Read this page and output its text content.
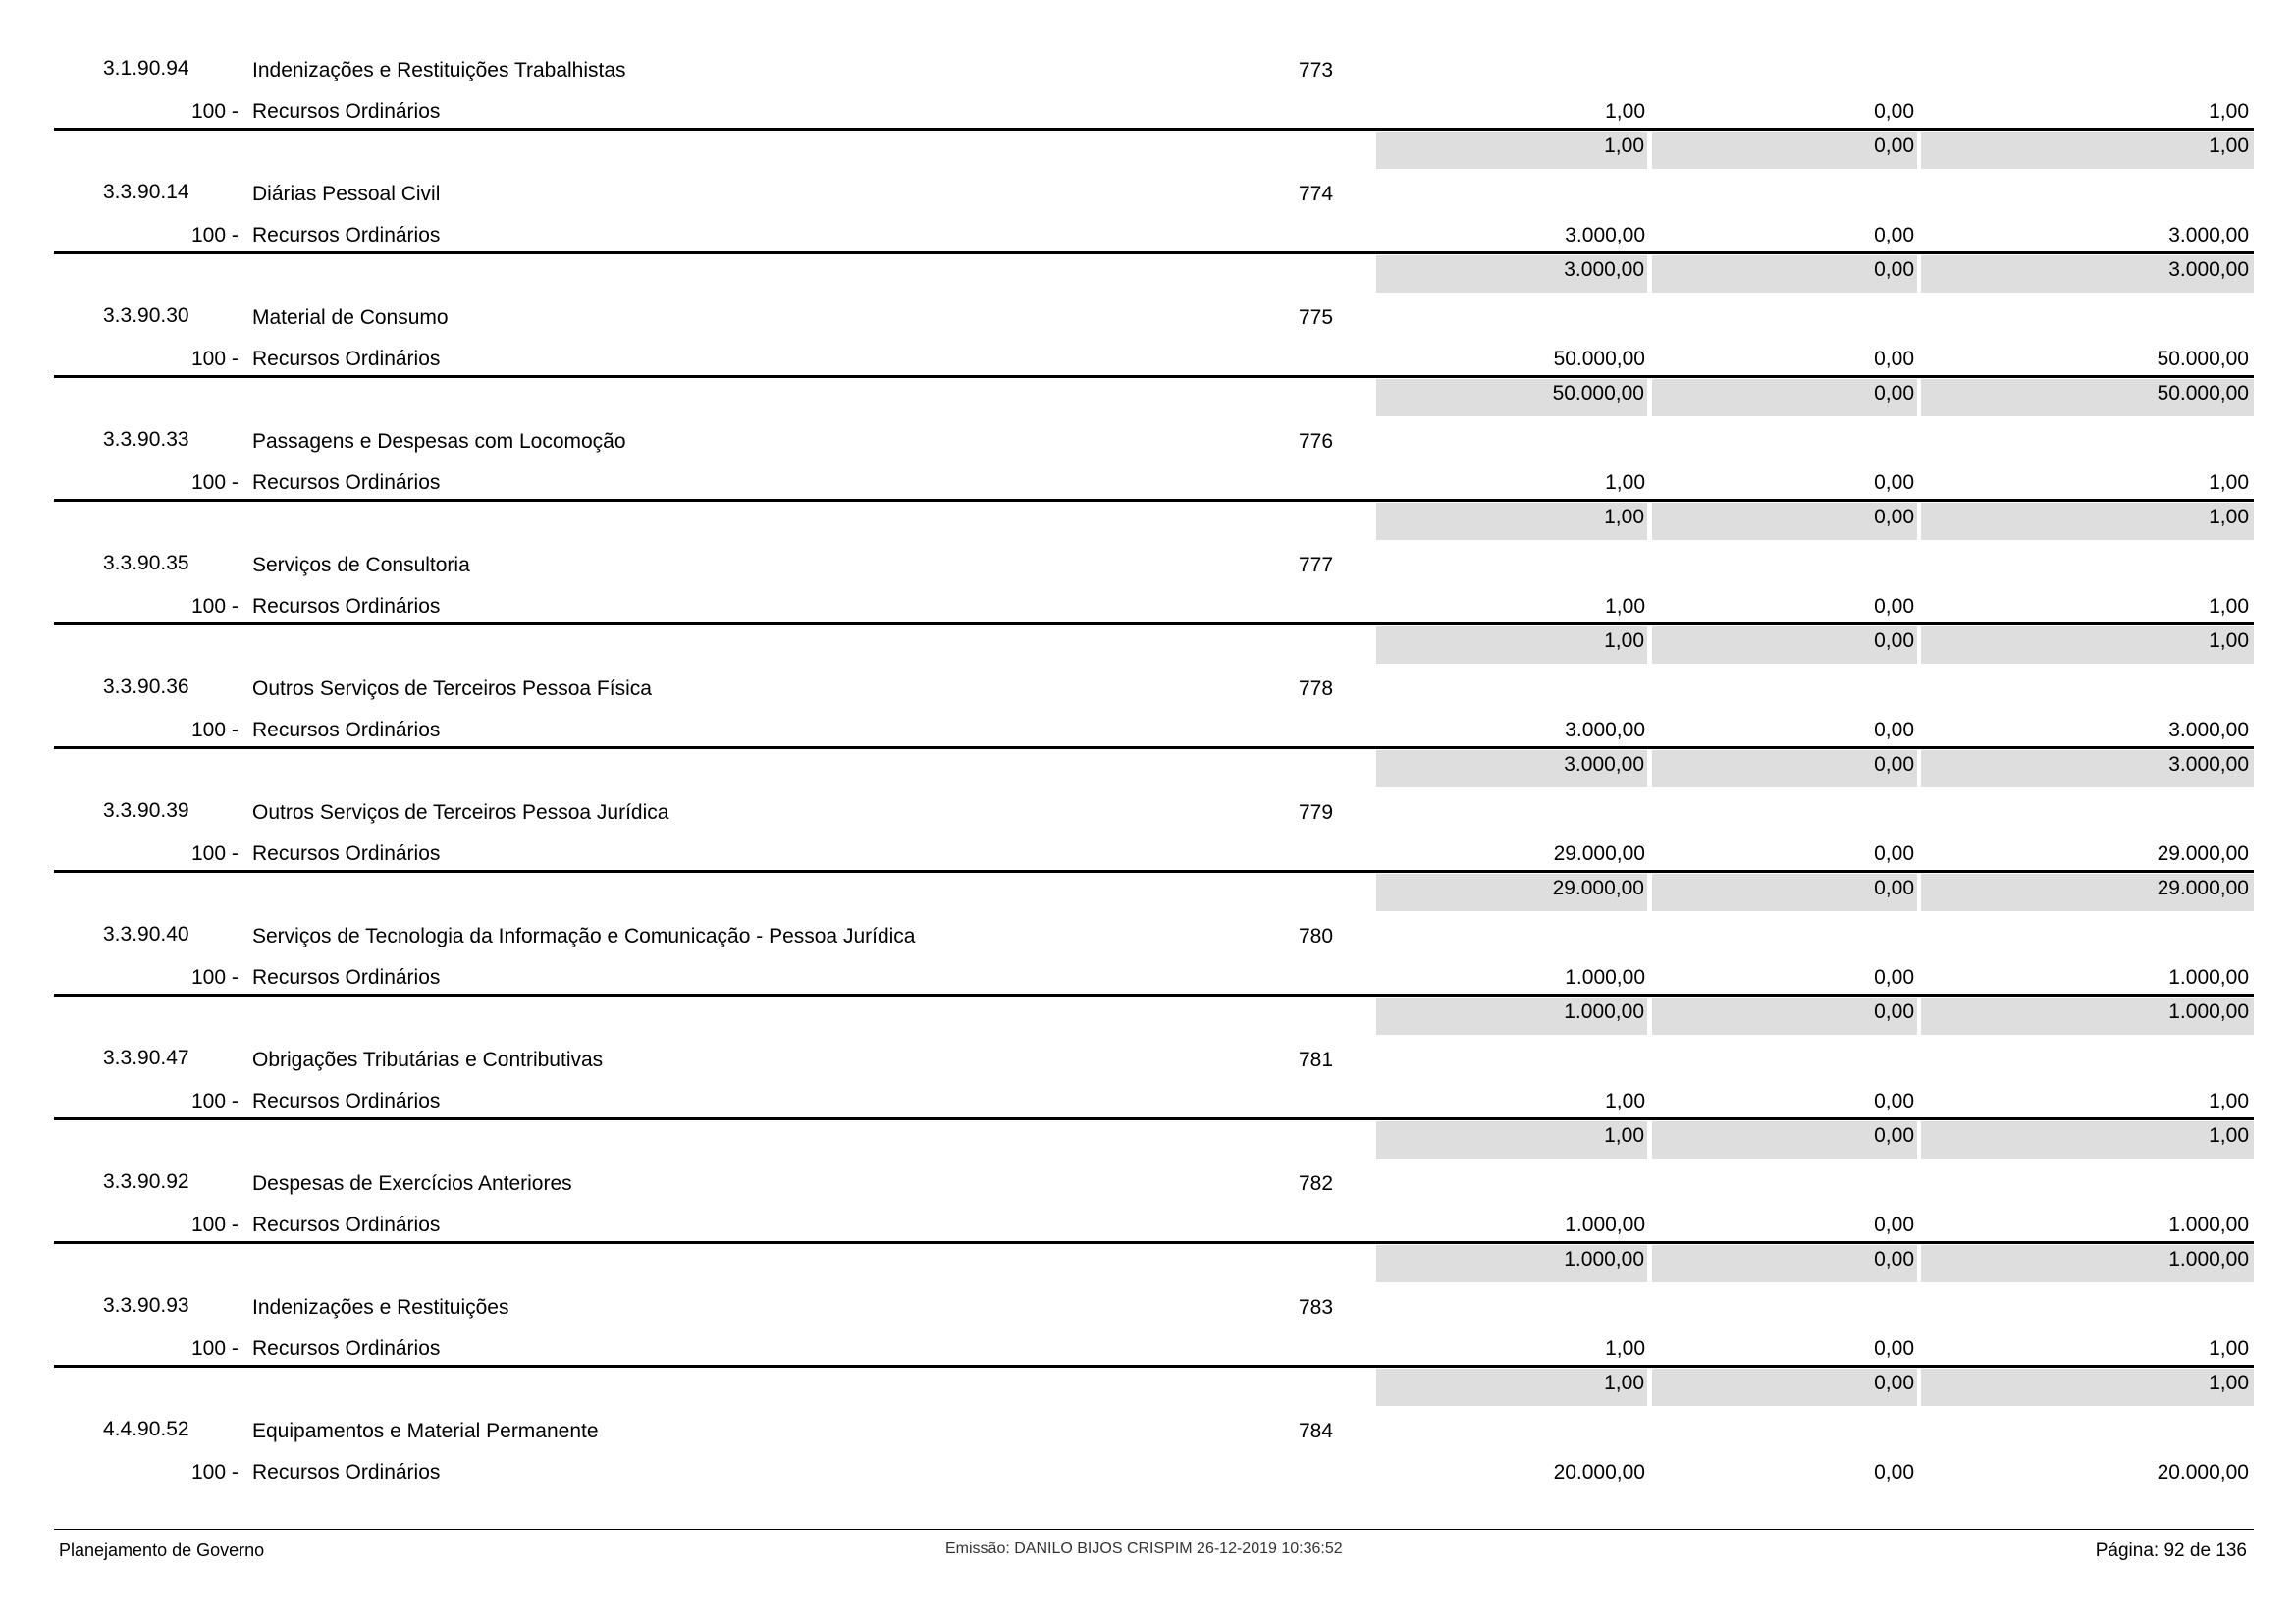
3.1.90.94	Indenizações e Restituições Trabalhistas	773
100 - Recursos Ordinários	1,00	0,00	1,00
1,00	0,00	1,00
3.3.90.14	Diárias Pessoal Civil	774
100 - Recursos Ordinários	3.000,00	0,00	3.000,00
3.000,00	0,00	3.000,00
3.3.90.30	Material de Consumo	775
100 - Recursos Ordinários	50.000,00	0,00	50.000,00
50.000,00	0,00	50.000,00
3.3.90.33	Passagens e Despesas com Locomoção	776
100 - Recursos Ordinários	1,00	0,00	1,00
1,00	0,00	1,00
3.3.90.35	Serviços de Consultoria	777
100 - Recursos Ordinários	1,00	0,00	1,00
1,00	0,00	1,00
3.3.90.36	Outros Serviços de Terceiros Pessoa Física	778
100 - Recursos Ordinários	3.000,00	0,00	3.000,00
3.000,00	0,00	3.000,00
3.3.90.39	Outros Serviços de Terceiros Pessoa Jurídica	779
100 - Recursos Ordinários	29.000,00	0,00	29.000,00
29.000,00	0,00	29.000,00
3.3.90.40	Serviços de Tecnologia da Informação e Comunicação - Pessoa Jurídica	780
100 - Recursos Ordinários	1.000,00	0,00	1.000,00
1.000,00	0,00	1.000,00
3.3.90.47	Obrigações Tributárias e Contributivas	781
100 - Recursos Ordinários	1,00	0,00	1,00
1,00	0,00	1,00
3.3.90.92	Despesas de Exercícios Anteriores	782
100 - Recursos Ordinários	1.000,00	0,00	1.000,00
1.000,00	0,00	1.000,00
3.3.90.93	Indenizações e Restituições	783
100 - Recursos Ordinários	1,00	0,00	1,00
1,00	0,00	1,00
4.4.90.52	Equipamentos e Material Permanente	784
100 - Recursos Ordinários	20.000,00	0,00	20.000,00
Planejamento de Governo	Emissão: DANILO BIJOS CRISPIM 26-12-2019 10:36:52	Página: 92 de 136
